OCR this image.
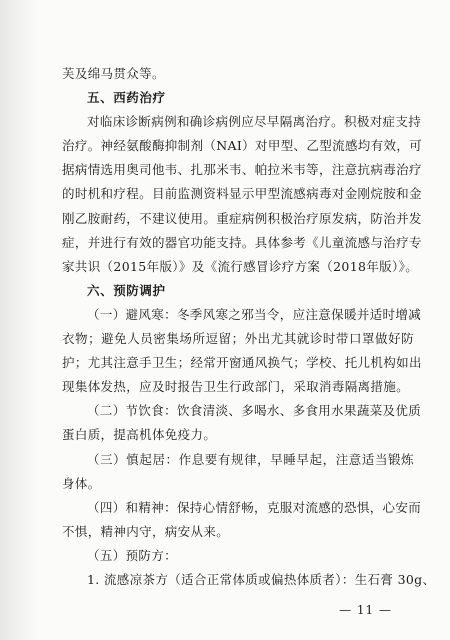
芙及绵马贯众等。
五、西药治疗
对临床诊断病例和确诊病例应尽早隔离治疗。积极对症支持
治疗。神经氨酸酶抑制剂（NAI）对甲型、乙型流感均有效，可
据病情选用奥司他韦、扎那米韦、帕拉米韦等，注意抗病毒治疗
的时机和疗程。目前监测资料显示甲型流感病毒对金刚烷胺和金
刚乙胺耐药，不建议使用。重症病例积极治疗原发病，防治并发
症，并进行有效的器官功能支持。具体参考《儿童流感与治疗专
家共识（2015年版）》及《流行感冒诊疗方案（2018年版）》。
六、预防调护
（一）避风寒：冬季风寒之邪当令，应注意保暖并适时增减
衣物；避免人员密集场所逗留；外出尤其就诊时带口罩做好防
护；尤其注意手卫生；经常开窗通风换气；学校、托儿机构如出
现集体发热，应及时报告卫生行政部门，采取消毒隔离措施。
（二）节饮食：饮食清淡、多喝水、多食用水果蔬菜及优质
蛋白质，提高机体免疫力。
（三）慎起居：作息要有规律，早睡早起，注意适当锻炼
身体。
（四）和精神：保持心情舒畅，克服对流感的恐惧，心安而
不惧，精神内守，病安从来。
（五）预防方：
1. 流感凉茶方（适合正常体质或偏热体质者）：生石膏 30g、
— 11 —
